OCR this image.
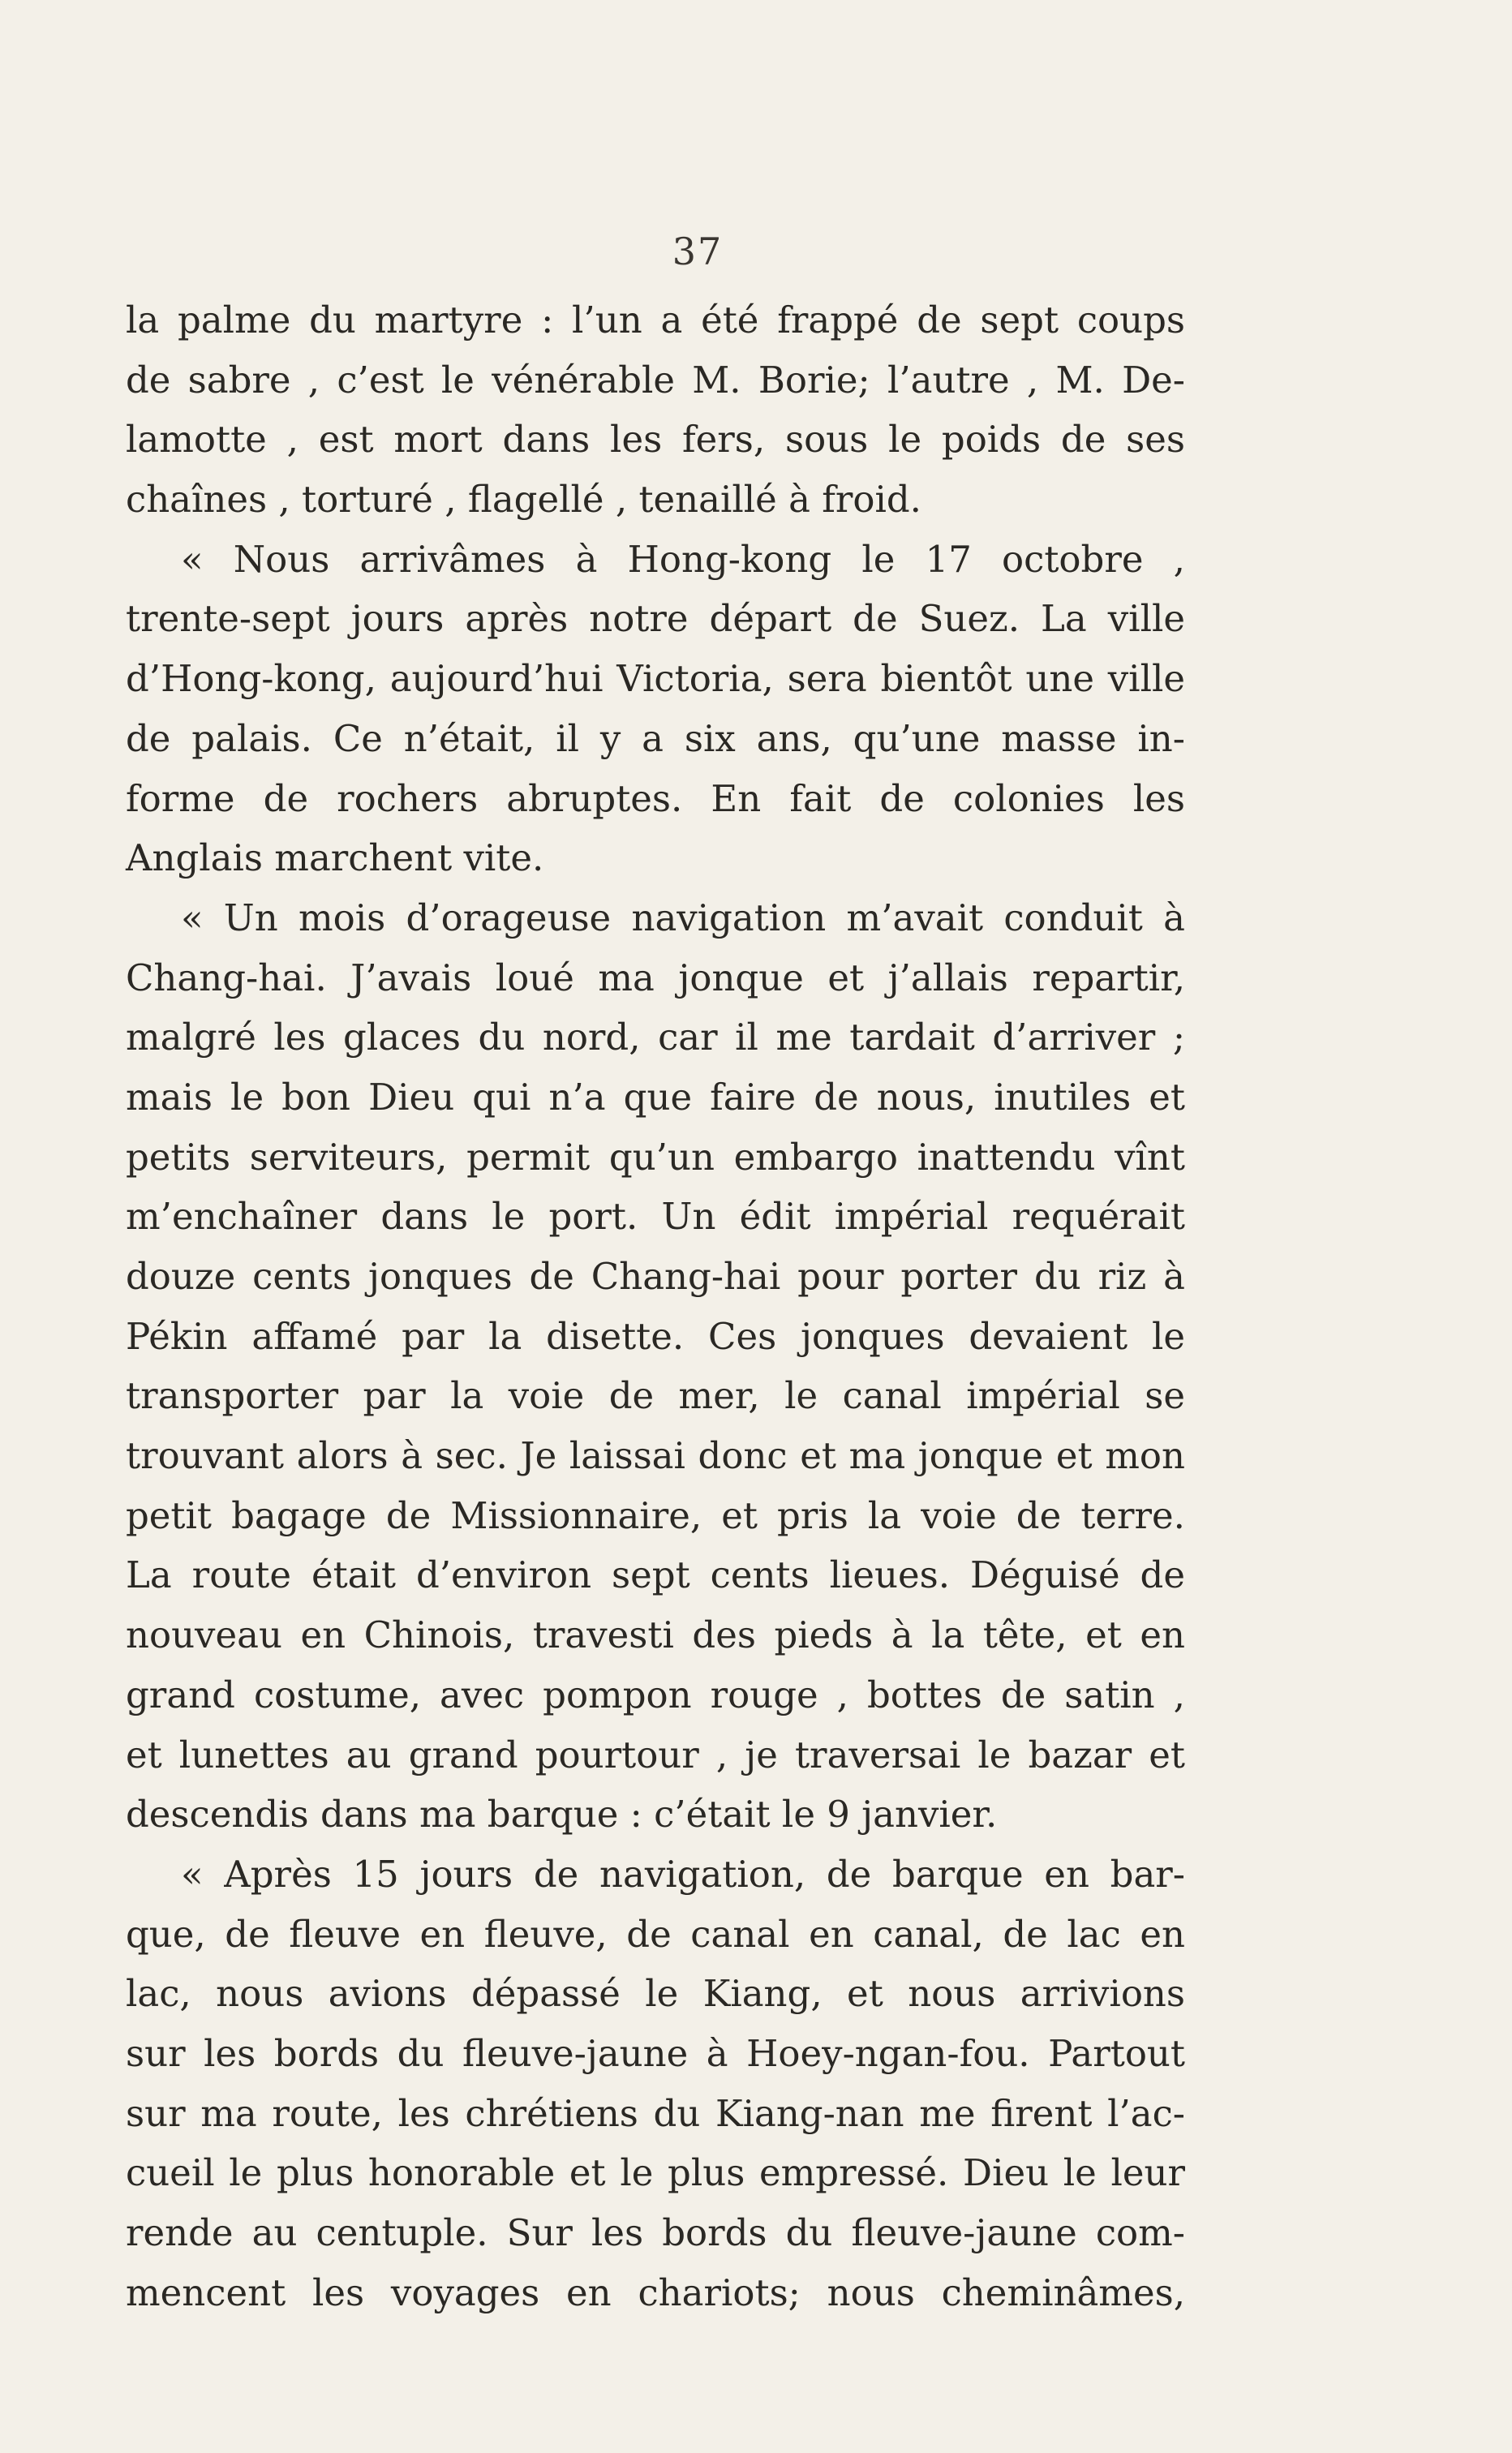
37
la palme du martyre : l’un a été frappé de sept coups
de sabre , c’est le vénérable M. Borie; l’autre , M. De-
lamotte , est mort dans les fers, sous le poids de ses
chaînes , torturé , flagellé , tenaillé à froid.
« Nous arrivâmes à Hong-kong le 17 octobre ,
trente-sept jours après notre départ de Suez. La ville
d’Hong-kong, aujourd’hui Victoria, sera bientôt une ville
de palais. Ce n’était, il y a six ans, qu’une masse in-
forme de rochers abruptes. En fait de colonies les
Anglais marchent vite.
« Un mois d’orageuse navigation m’avait conduit à
Chang-hai. J’avais loué ma jonque et j’allais repartir,
malgré les glaces du nord, car il me tardait d’arriver ;
mais le bon Dieu qui n’a que faire de nous, inutiles et
petits serviteurs, permit qu’un embargo inattendu vînt
m’enchaîner dans le port. Un édit impérial requérait
douze cents jonques de Chang-hai pour porter du riz à
Pékin affamé par la disette. Ces jonques devaient le
transporter par la voie de mer, le canal impérial se
trouvant alors à sec. Je laissai donc et ma jonque et mon
petit bagage de Missionnaire, et pris la voie de terre.
La route était d’environ sept cents lieues. Déguisé de
nouveau en Chinois, travesti des pieds à la tête, et en
grand costume, avec pompon rouge , bottes de satin ,
et lunettes au grand pourtour , je traversai le bazar et
descendis dans ma barque : c’était le 9 janvier.
« Après 15 jours de navigation, de barque en bar-
que, de fleuve en fleuve, de canal en canal, de lac en
lac, nous avions dépassé le Kiang, et nous arrivions
sur les bords du fleuve-jaune à Hoey-ngan-fou. Partout
sur ma route, les chrétiens du Kiang-nan me firent l’ac-
cueil le plus honorable et le plus empressé. Dieu le leur
rende au centuple. Sur les bords du fleuve-jaune com-
mencent les voyages en chariots; nous cheminâmes,
